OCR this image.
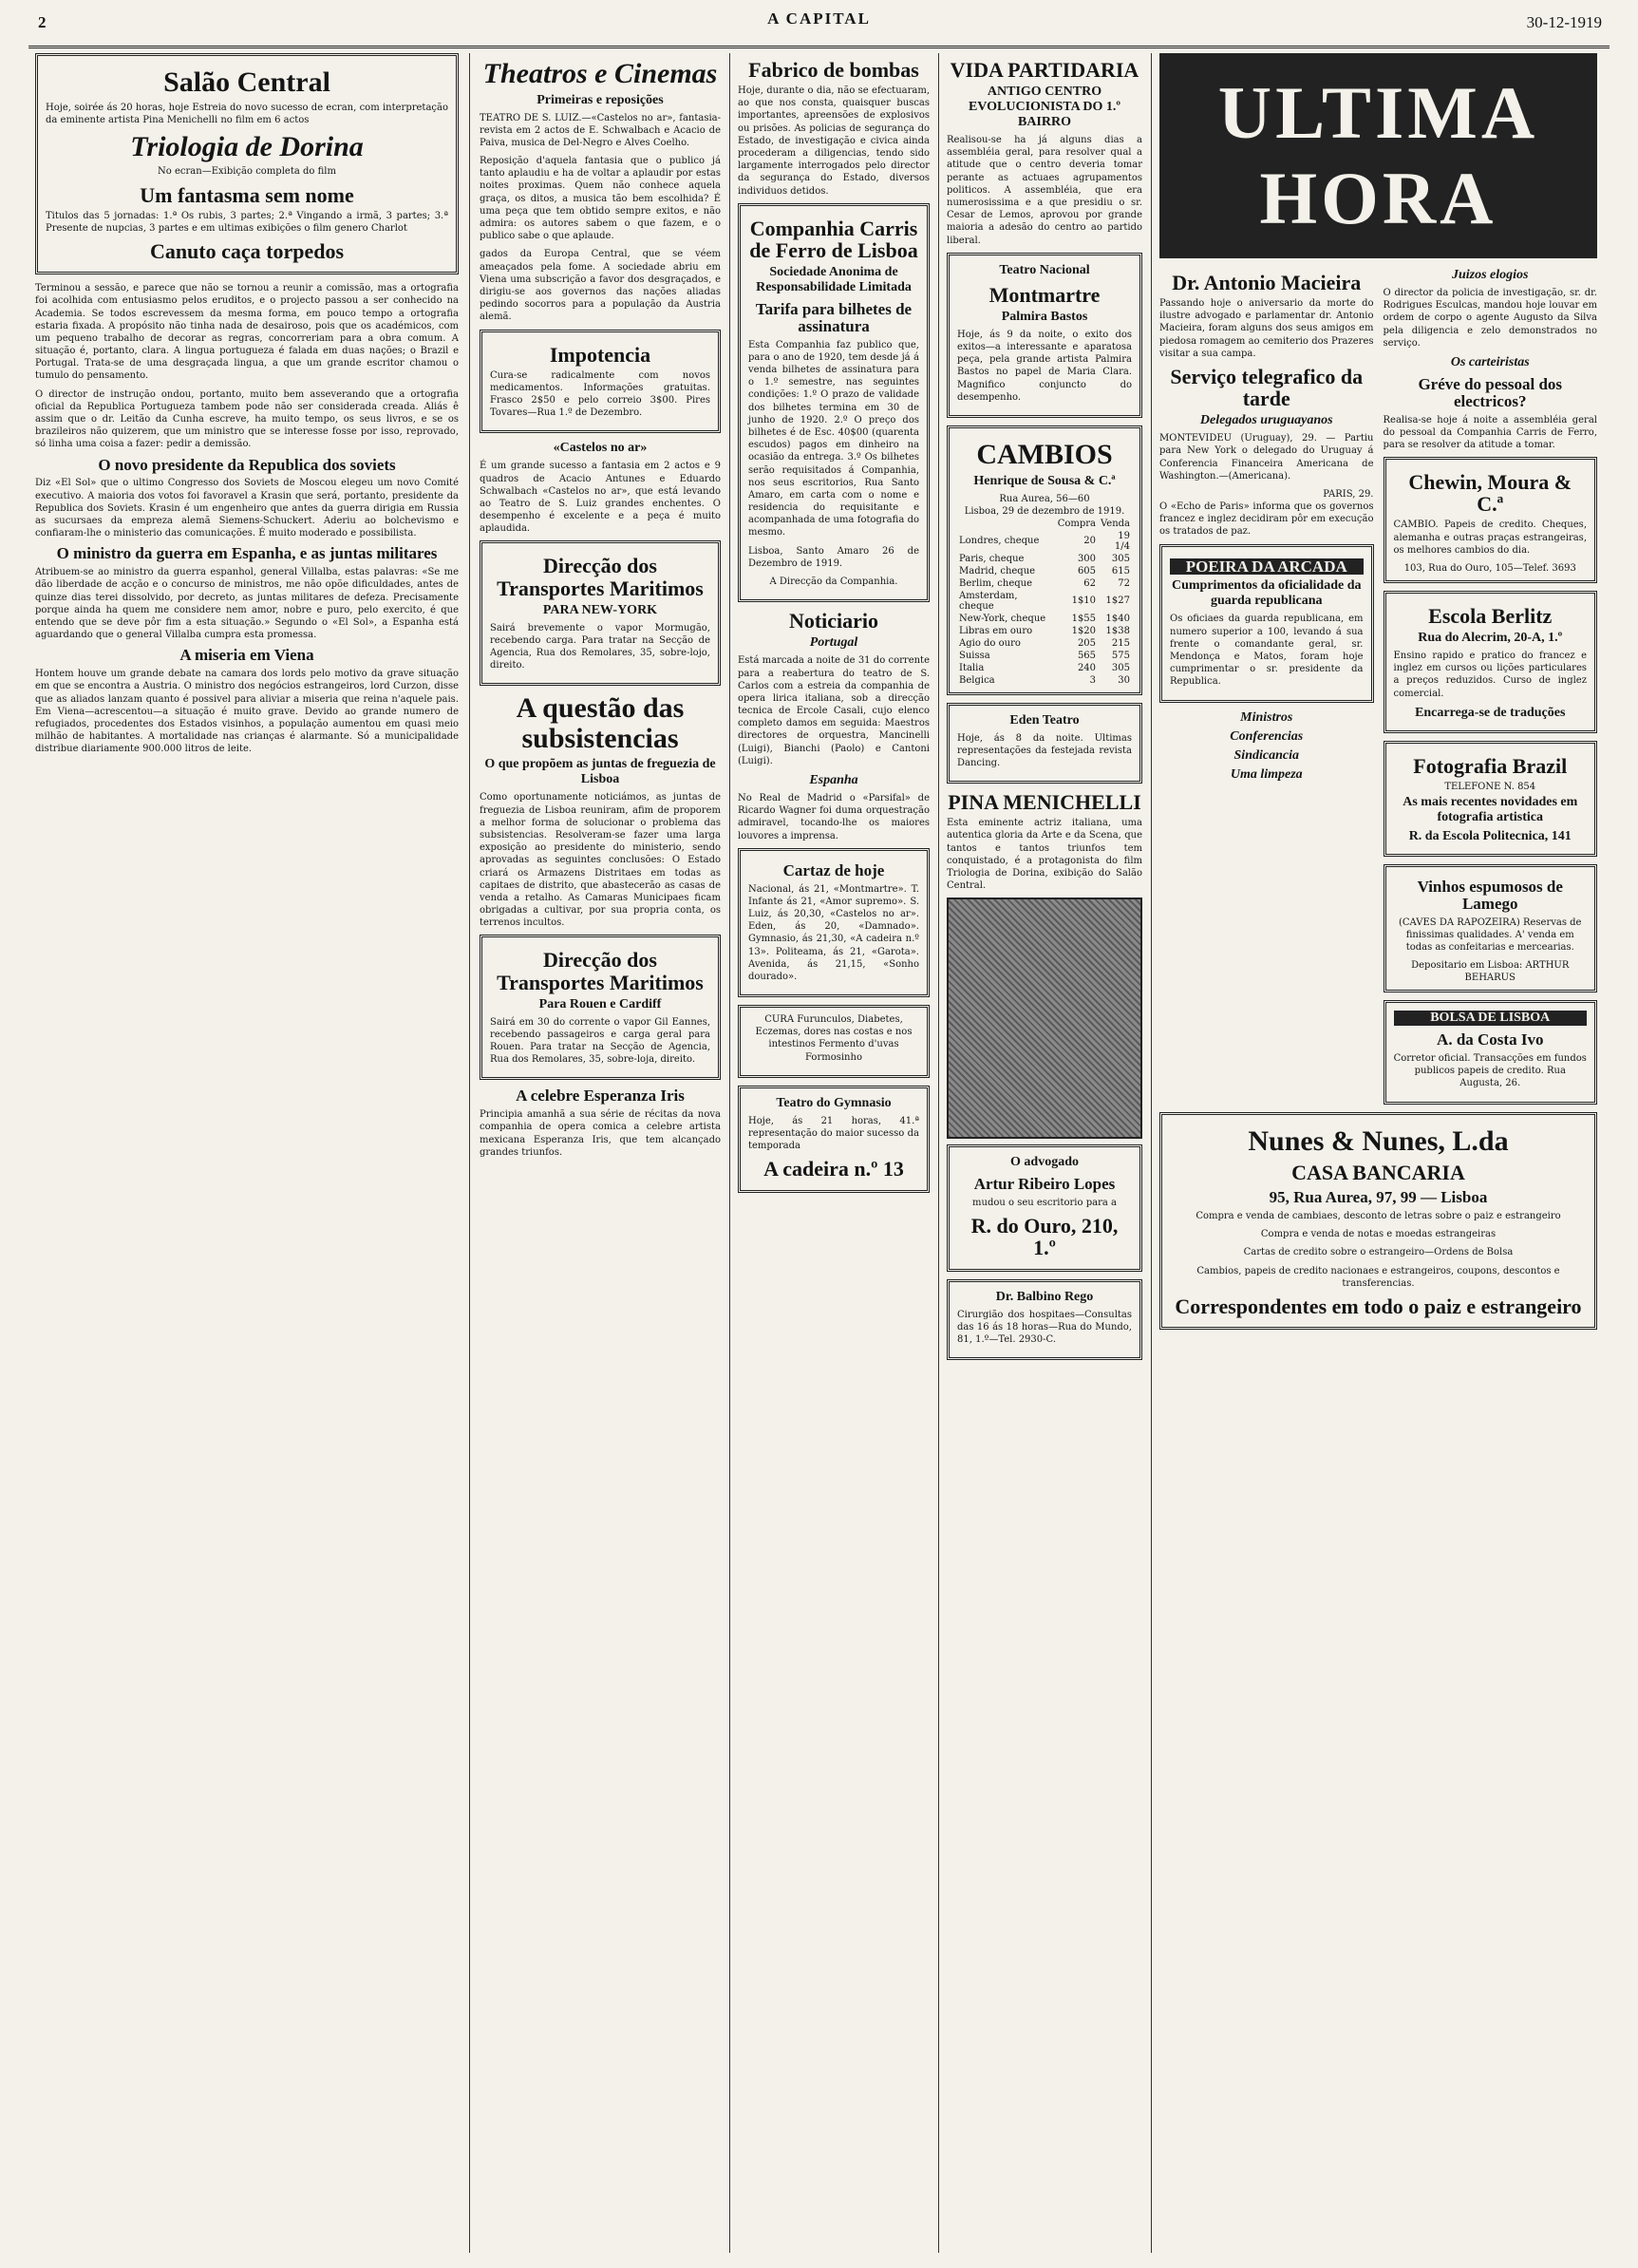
2	A CAPITAL	30-12-1919
Salão Central

Hoje, soirée ás 20 horas, hoje Estreia do novo sucesso de ecran, com interpretação da eminente artista Pina Menichelli no film em 6 actos

Triologia de Dorina

No ecran—Exibição completa do film

Um fantasma sem nome

Titulos das 5 jornadas: 1.ª Os rubis, 3 partes; 2.ª Vingando a irmã, 3 partes; 3.ª Presente de nupcias, 3 partes e em ultimas exibições o film genero Charlot

Canuto caça torpedos

Terminou a sessão, e parece que não se tornou a reunir a comissão, mas a ortografia foi acolhida com entusiasmo pelos eruditos, e o projecto passou a ser conhecido na Academia. Se todos escrevessem da mesma forma, em pouco tempo a ortografia estaria fixada. A propósito não tinha nada de desairoso, pois que os académicos, com um pequeno trabalho de decorar as regras, concorreriam para a obra comum. A situação é, portanto, clara. A lingua portugueza é falada em duas nações; o Brazil e Portugal. Trata-se de uma desgraçada lingua, a que um grande escritor chamou o tumulo do pensamento.

O director de instrução ondou, portanto, muito bem asseverando que a ortografia oficial da Republica Portugueza tambem pode não ser considerada creada. Aliás ê assim que o dr. Leitão da Cunha escreve, ha muito tempo, os seus livros, e se os brazileiros não quizerem, que um ministro que se interesse fosse por isso, reprovado, só linha uma coisa a fazer: pedir a demissão.

O novo presidente da Republica dos soviets

Diz «El Sol» que o ultimo Congresso dos Soviets de Moscou elegeu um novo Comité executivo. A maioria dos votos foi favoravel a Krasin que será, portanto, presidente da Republica dos Soviets. Krasin é um engenheiro que antes da guerra dirigia em Russia as sucursaes da empreza alemã Siemens-Schuckert. Aderiu ao bolchevismo e confiaram-lhe o ministerio das comunicações. É muito moderado e possibilista.

O ministro da guerra em Espanha, e as juntas militares

Atribuem-se ao ministro da guerra espanhol, general Villalba, estas palavras: «Se me dão liberdade de acção e o concurso de ministros, me não opõe dificuldades, antes de quinze dias terei dissolvido, por decreto, as juntas militares de defeza. Precisamente porque ainda ha quem me considere nem amor, nobre e puro, pelo exercito, é que entendo que se deve pôr fim a esta situação.» Segundo o «El Sol», a Espanha está aguardando que o general Villalba cumpra esta promessa.

A miseria em Viena

Hontem houve um grande debate na camara dos lords pelo motivo da grave situação em que se encontra a Austria. O ministro dos negócios estrangeiros, lord Curzon, disse que as aliados lanzam quanto é possivel para aliviar a miseria que reina n'aquele pais. Em Viena—acrescentou—a situação é muito grave. Devido ao grande numero de refugiados, procedentes dos Estados visinhos, a população aumentou em quasi meio milhão de habitantes. A mortalidade nas crianças é alarmante. Só a municipalidade distribue diariamente 900.000 litros de leite.

Theatros e Cinemas
Primeiras e reposições

TEATRO DE S. LUIZ.—«Castelos no ar», fantasia-revista em 2 actos de E. Schwalbach e Acacio de Paiva, musica de Del-Negro e Alves Coelho.

Reposição d'aquela fantasia que o publico já tanto aplaudiu e ha de voltar a aplaudir por estas noites proximas. Quem não conhece aquela graça, os ditos, a musica tão bem escolhida? É uma peça que tem obtido sempre exitos, e não admira: os autores sabem o que fazem, e o publico sabe o que aplaude.

gados da Europa Central, que se véem ameaçados pela fome. A sociedade abriu em Viena uma subscrição a favor dos desgraçados, e dirigiu-se aos governos das nações aliadas pedindo socorros para a população da Austria alemã.

Impotencia

Cura-se radicalmente com novos medicamentos. Informações gratuitas. Frasco 2$50 e pelo correio 3$00. Pires Tovares—Rua 1.º de Dezembro.

«Castelos no ar»

É um grande sucesso a fantasia em 2 actos e 9 quadros de Acacio Antunes e Eduardo Schwalbach «Castelos no ar», que está levando ao Teatro de S. Luiz grandes enchentes. O desempenho é excelente e a peça é muito aplaudida.

Direcção dos Transportes Maritimos
PARA NEW-YORK

Sairá brevemente o vapor Mormugão, recebendo carga. Para tratar na Secção de Agencia, Rua dos Remolares, 35, sobre-lojo, direito.

A questão das subsistencias
O que propõem as juntas de freguezia de Lisboa

Como oportunamente noticiámos, as juntas de freguezia de Lisboa reuniram, afim de proporem a melhor forma de solucionar o problema das subsistencias. Resolveram-se fazer uma larga exposição ao presidente do ministerio, sendo aprovadas as seguintes conclusões: O Estado criará os Armazens Distritaes em todas as capitaes de distrito, que abastecerão as casas de venda a retalho. As Camaras Municipaes ficam obrigadas a cultivar, por sua propria conta, os terrenos incultos.

Direcção dos Transportes Maritimos
Para Rouen e Cardiff

Sairá em 30 do corrente o vapor Gil Eannes, recebendo passageiros e carga geral para Rouen. Para tratar na Secção de Agencia, Rua dos Remolares, 35, sobre-loja, direito.

A celebre Esperanza Iris

Principia amanhã a sua série de récitas da nova companhia de opera comica a celebre artista mexicana Esperanza Iris, que tem alcançado grandes triunfos.

Fabrico de bombas

Hoje, durante o dia, não se efectuaram, ao que nos consta, quaisquer buscas importantes, apreensões de explosivos ou prisões. As policias de segurança do Estado, de investigação e civica ainda procederam a diligencias, tendo sido largamente interrogados pelo director da segurança do Estado, diversos individuos detidos.

Companhia Carris de Ferro de Lisboa
Sociedade Anonima de Responsabilidade Limitada
Tarifa para bilhetes de assinatura

Esta Companhia faz publico que, para o ano de 1920, tem desde já á venda bilhetes de assinatura para o 1.º semestre, nas seguintes condições: 1.º O prazo de validade dos bilhetes termina em 30 de junho de 1920. 2.º O preço dos bilhetes é de Esc. 40$00 (quarenta escudos) pagos em dinheiro na ocasião da entrega. 3.º Os bilhetes serão requisitados á Companhia, nos seus escritorios, Rua Santo Amaro, em carta com o nome e residencia do requisitante e acompanhada de uma fotografia do mesmo.

Lisboa, Santo Amaro 26 de Dezembro de 1919.

A Direcção da Companhia.

Noticiario
Portugal

Está marcada a noite de 31 do corrente para a reabertura do teatro de S. Carlos com a estreia da companhia de opera lirica italiana, sob a direcção tecnica de Ercole Casali, cujo elenco completo damos em seguida: Maestros directores de orquestra, Mancinelli (Luigi), Bianchi (Paolo) e Cantoni (Luigi).

Espanha

No Real de Madrid o «Parsifal» de Ricardo Wagner foi duma orquestração admiravel, tocando-lhe os maiores louvores a imprensa.

Cartaz de hoje

Nacional, ás 21, «Montmartre». T. Infante ás 21, «Amor supremo». S. Luiz, ás 20,30, «Castelos no ar». Eden, ás 20, «Damnado». Gymnasio, ás 21,30, «A cadeira n.º 13». Politeama, ás 21, «Garota». Avenida, ás 21,15, «Sonho dourado».

CURA Furunculos, Diabetes, Eczemas, dores nas costas e nos intestinos Fermento d'uvas Formosinho

Teatro do Gymnasio

Hoje, ás 21 horas, 41.ª representação do maior sucesso da temporada

A cadeira n.º 13
VIDA PARTIDARIA
ANTIGO CENTRO EVOLUCIONISTA DO 1.º BAIRRO

Realisou-se ha já alguns dias a assembléia geral, para resolver qual a atitude que o centro deveria tomar perante as actuaes agrupamentos politicos. A assembléia, que era numerosissima e a que presidiu o sr. Cesar de Lemos, aprovou por grande maioria a adesão do centro ao partido liberal.

Teatro Nacional
Montmartre
Palmira Bastos

Hoje, ás 9 da noite, o exito dos exitos—a interessante e aparatosa peça, pela grande artista Palmira Bastos no papel de Maria Clara. Magnifico conjuncto do desempenho.

CAMBIOS
Henrique de Sousa & C.ª
Rua Aurea, 56—60
Lisboa, 29 de dezembro de 1919.
	Compra	Venda
Londres, cheque	20	19 1/4
Paris, cheque	300	305
Madrid, cheque	605	615
Berlim, cheque	62	72
Amsterdam, cheque	1$10	1$27
New-York, cheque	1$55	1$40
Libras em ouro	1$20	1$38
Agio do ouro	205	215
Suissa	565	575
Italia	240	305
Belgica	3	30
Eden Teatro

Hoje, ás 8 da noite. Ultimas representações da festejada revista Dancing.

PINA MENICHELLI

Esta eminente actriz italiana, uma autentica gloria da Arte e da Scena, que tantos e tantos triunfos tem conquistado, é a protagonista do film Triologia de Dorina, exibição do Salão Central.

O advogado
Artur Ribeiro Lopes

mudou o seu escritorio para a

R. do Ouro, 210, 1.º
Dr. Balbino Rego

Cirurgião dos hospitaes—Consultas das 16 ás 18 horas—Rua do Mundo, 81, 1.º—Tel. 2930-C.

ULTIMA HORA
Dr. Antonio Macieira

Passando hoje o aniversario da morte do ilustre advogado e parlamentar dr. Antonio Macieira, foram alguns dos seus amigos em piedosa romagem ao cemiterio dos Prazeres visitar a sua campa.

Serviço telegrafico da tarde
Delegados uruguayanos

MONTEVIDEU (Uruguay), 29. — Partiu para New York o delegado do Uruguay á Conferencia Financeira Americana de Washington.—(Americana).

PARIS, 29.

O «Echo de Paris» informa que os governos francez e inglez decidiram pôr em execução os tratados de paz.

POEIRA DA ARCADA
Cumprimentos da oficialidade da guarda republicana

Os oficiaes da guarda republicana, em numero superior a 100, levando á sua frente o comandante geral, sr. Mendonça e Matos, foram hoje cumprimentar o sr. presidente da Republica.

Ministros
Conferencias
Sindicancia
Uma limpeza
Juizos elogios

O director da policia de investigação, sr. dr. Rodrigues Esculcas, mandou hoje louvar em ordem de corpo o agente Augusto da Silva pela diligencia e zelo demonstrados no serviço.

Os carteiristas
Gréve do pessoal dos electricos?

Realisa-se hoje á noite a assembléia geral do pessoal da Companhia Carris de Ferro, para se resolver da atitude a tomar.

Chewin, Moura & C.ª

CAMBIO. Papeis de credito. Cheques, alemanha e outras praças estrangeiras, os melhores cambios do dia.

103, Rua do Ouro, 105—Telef. 3693
Escola Berlitz
Rua do Alecrim, 20-A, 1.º

Ensino rapido e pratico do francez e inglez em cursos ou lições particulares a preços reduzidos. Curso de inglez comercial.

Encarrega-se de traduções
Fotografia Brazil
TELEFONE N. 854
As mais recentes novidades em fotografia artistica
R. da Escola Politecnica, 141
Vinhos espumosos de Lamego

(CAVES DA RAPOZEIRA) Reservas de finissimas qualidades. A' venda em todas as confeitarias e mercearias.

Depositario em Lisboa: ARTHUR BEHARUS
BOLSA DE LISBOA
A. da Costa Ivo

Corretor oficial. Transacções em fundos publicos papeis de credito. Rua Augusta, 26.

Nunes & Nunes, L.da
CASA BANCARIA
95, Rua Aurea, 97, 99 — Lisboa

Compra e venda de cambiaes, desconto de letras sobre o paiz e estrangeiro

Compra e venda de notas e moedas estrangeiras

Cartas de credito sobre o estrangeiro—Ordens de Bolsa

Cambios, papeis de credito nacionaes e estrangeiros, coupons, descontos e transferencias.

Correspondentes em todo o paiz e estrangeiro
